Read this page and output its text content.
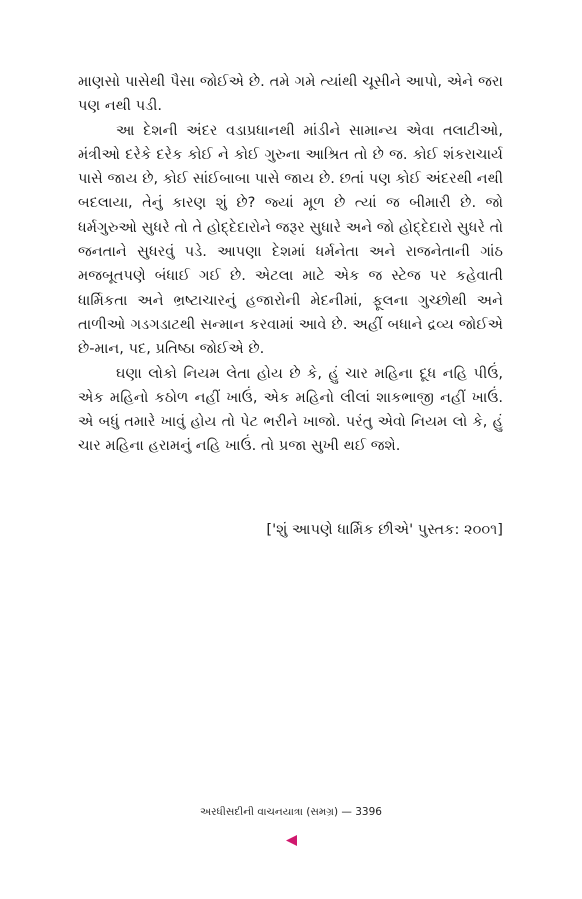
માણસો પાસેથી પૈસા જોઈએ છે. તમે ગમે ત્યાંથી ચૂસીને આપો, એને જરા પણ નથી પડી.

આ દેશની અંદર વડાપ્રધાનથી માંડીને સામાન્ય એવા તલાટીઓ, મંત્રીઓ દરેકે દરેક કોઈ ને કોઈ ગુરુના આશ્રિત તો છે જ. કોઈ શંકરાચાર્ય પાસે જાય છે, કોઈ સાંઈબાબા પાસે જાય છે. છતાં પણ કોઈ અંદરથી નથી બદલાયા, તેનું કારણ શું છે? જ્યાં મૂળ છે ત્યાં જ બીમારી છે. જો ધર્મગુરુઓ સુધરે તો તે હોદ્દેદારોને જરૂર સુધારે અને જો હોદ્દેદારો સુધરે તો જનતાને સુધરવું પડે. આપણા દેશમાં ધર્મનેતા અને રાજનેતાની ગાંઠ મજબૂતપણે બંધાઈ ગઈ છે. એટલા માટે એક જ સ્ટેજ પર કહેવાતી ધાર્મિકતા અને ભ્રષ્ટાચારનું હજારોની મેદનીમાં, ફૂલના ગુચ્છોથી અને તાળીઓ ગડગડાટથી સન્માન કરવામાં આવે છે. અહીં બધાને દ્રવ્ય જોઈએ છે-માન, પદ, પ્રતિષ્ઠા જોઈએ છે.

ઘણા લોકો નિયમ લેતા હોય છે કે, હું ચાર મહિના દૂધ નહિ પીઉં, એક મહિનો કઠોળ નહીં ખાઉં, એક મહિનો લીલાં શાકભાજી નહીં ખાઉં. એ બધું તમારે ખાવું હોય તો પેટ ભરીને ખાજો. પરંતુ એવો નિયમ લો કે, હું ચાર મહિના હરામનું નહિ ખાઉં. તો પ્રજા સુખી થઈ જશે.

['શું આપણે ધાર્મિક છીએ' પુસ્તક: ૨૦૦૧]
અરધીસદીની વાચનયાત્રા (સમગ્ર) — 3396
